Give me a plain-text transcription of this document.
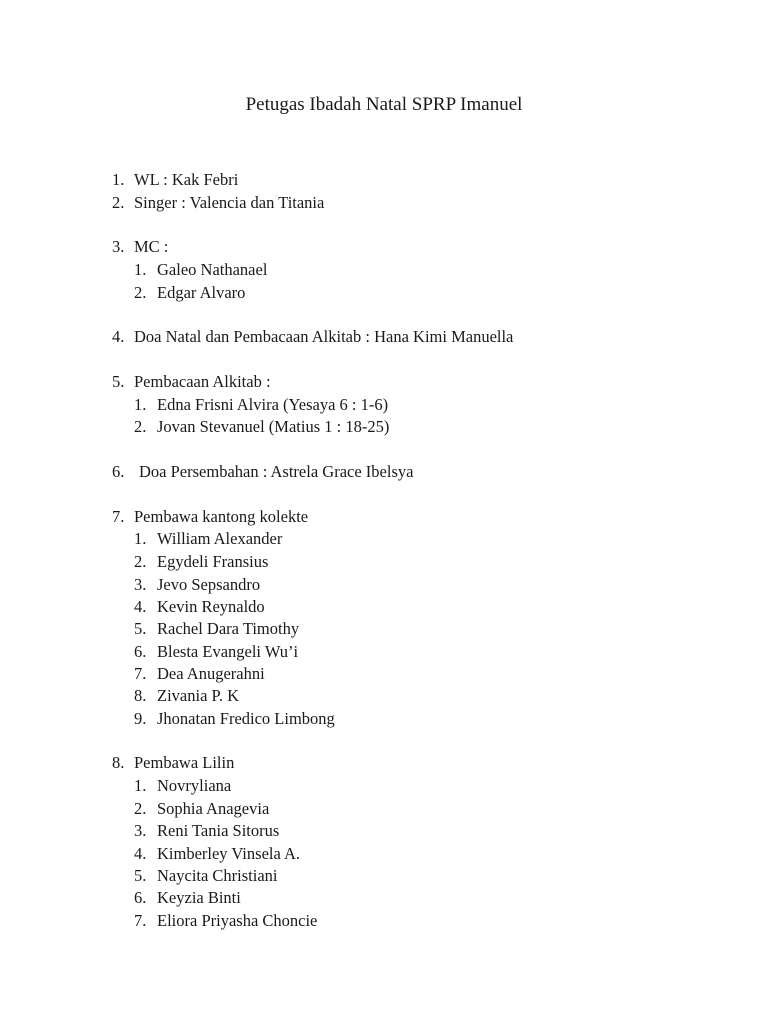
Petugas Ibadah Natal SPRP Imanuel
WL : Kak Febri
Singer : Valencia dan Titania
MC :
Galeo Nathanael
Edgar Alvaro
Doa Natal dan Pembacaan Alkitab : Hana Kimi Manuella
Pembacaan Alkitab :
Edna Frisni Alvira (Yesaya 6 : 1-6)
Jovan Stevanuel (Matius 1 : 18-25)
Doa Persembahan : Astrela Grace Ibelsya
Pembawa kantong kolekte
William Alexander
Egydeli Fransius
Jevo Sepsandro
Kevin Reynaldo
Rachel Dara Timothy
Blesta Evangeli Wu’i
Dea Anugerahni
Zivania P. K
Jhonatan Fredico Limbong
Pembawa Lilin
Novryliana
Sophia Anagevia
Reni Tania Sitorus
Kimberley Vinsela A.
Naycita Christiani
Keyzia Binti
Eliora Priyasha Choncie
